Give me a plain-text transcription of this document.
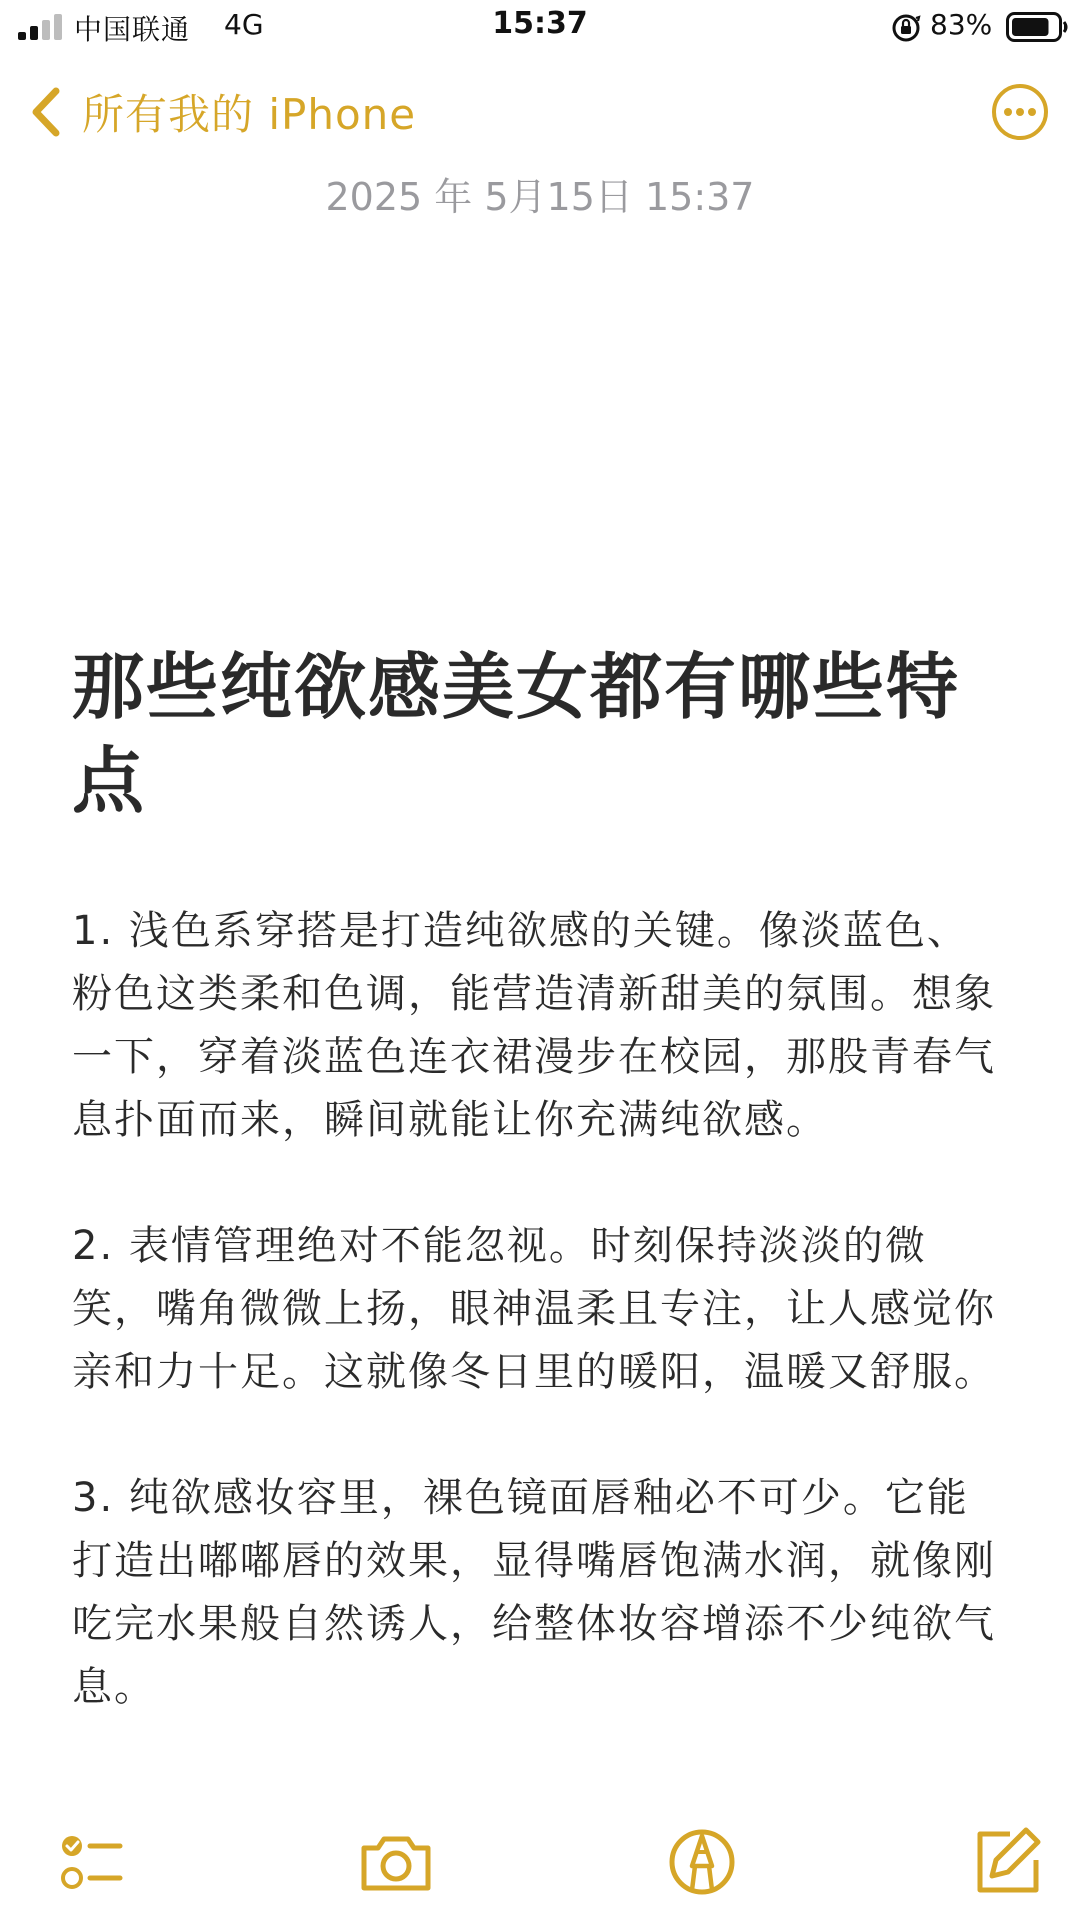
中国联通 4G	15:37	83%
所有我的 iPhone
2025 年 5月15日 15:37
那些纯欲感美女都有哪些特点

1. 浅色系穿搭是打造纯欲感的关键。像淡蓝色、粉色这类柔和色调，能营造清新甜美的氛围。想象一下，穿着淡蓝色连衣裙漫步在校园，那股青春气息扑面而来，瞬间就能让你充满纯欲感。

2. 表情管理绝对不能忽视。时刻保持淡淡的微笑，嘴角微微上扬，眼神温柔且专注，让人感觉你亲和力十足。这就像冬日里的暖阳，温暖又舒服。

3. 纯欲感妆容里，裸色镜面唇釉必不可少。它能打造出嘟嘟唇的效果，显得嘴唇饱满水润，就像刚吃完水果般自然诱人，给整体妆容增添不少纯欲气息。
